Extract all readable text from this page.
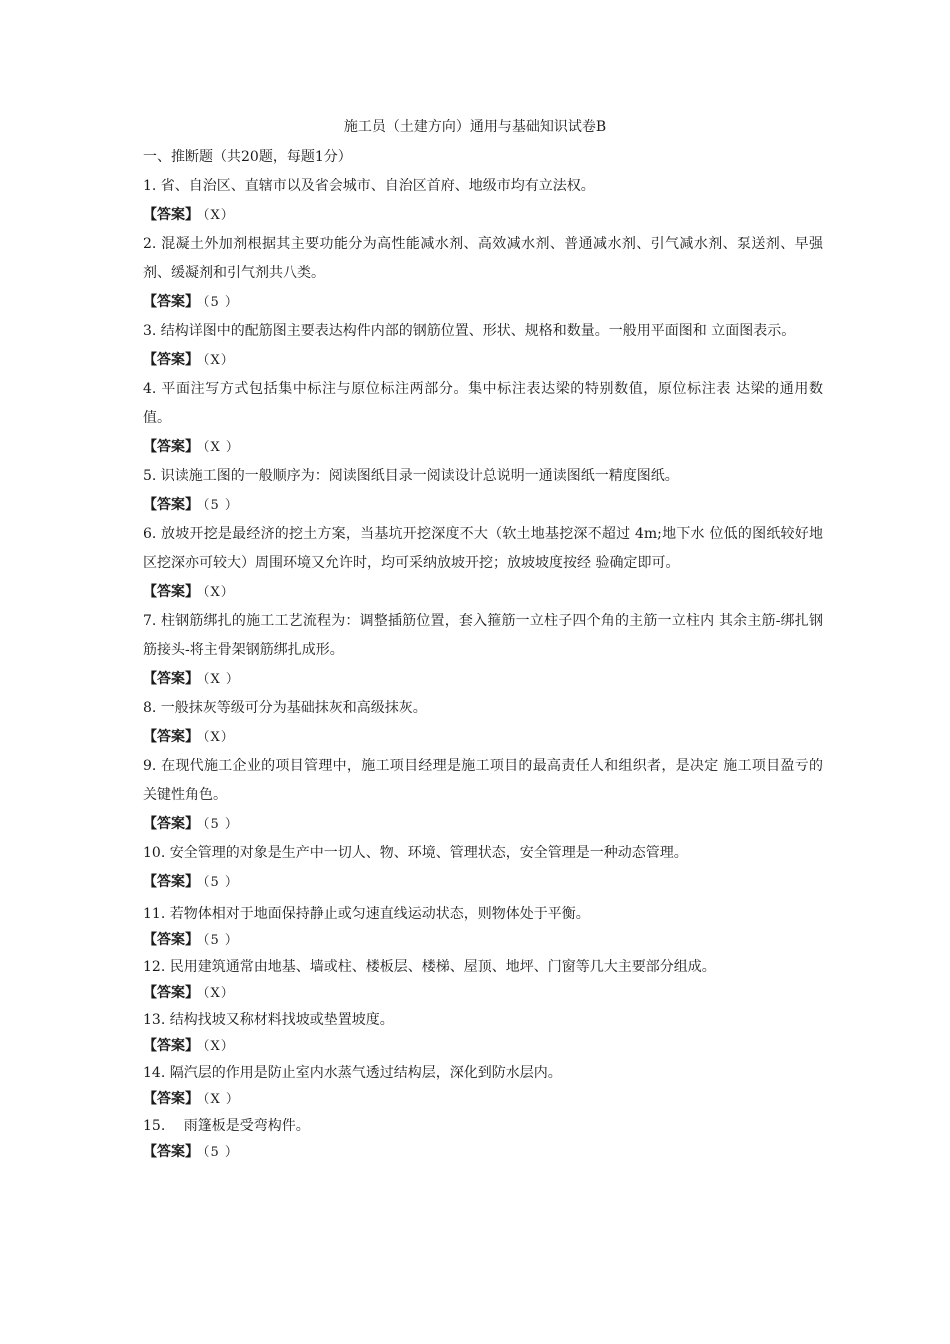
施工员（土建方向）通用与基础知识试卷B
一、推断题（共20题，每题1分）

1. 省、自治区、直辖市以及省会城市、自治区首府、地级市均有立法权。

【答案】 （X）

2. 混凝土外加剂根据其主要功能分为高性能减水剂、高效减水剂、普通减水剂、引气减水剂、泵送剂、早强剂、缓凝剂和引气剂共八类。

【答案】 （5 ）

3. 结构详图中的配筋图主要表达构件内部的钢筋位置、形状、规格和数量。一般用平面图和 立面图表示。

【答案】 （X）

4. 平面注写方式包括集中标注与原位标注两部分。集中标注表达梁的特别数值，原位标注表 达梁的通用数值。

【答案】 （X ）

5. 识读施工图的一般顺序为：阅读图纸目录一阅读设计总说明一通读图纸一精度图纸。

【答案】 （5 ）

6. 放坡开挖是最经济的挖土方案，当基坑开挖深度不大（软土地基挖深不超过 4m;地下水 位低的图纸较好地区挖深亦可较大）周围环境又允许时，均可采纳放坡开挖；放坡坡度按经 验确定即可。

【答案】 （X）

7. 柱钢筋绑扎的施工工艺流程为：调整插筋位置，套入箍筋一立柱子四个角的主筋一立柱内 其余主筋-绑扎钢筋接头-将主骨架钢筋绑扎成形。

【答案】 （X ）

8. 一般抹灰等级可分为基础抹灰和高级抹灰。

【答案】 （X）

9. 在现代施工企业的项目管理中，施工项目经理是施工项目的最高责任人和组织者，是决定 施工项目盈亏的关键性角色。

【答案】 （5 ）

10. 安全管理的对象是生产中一切人、物、环境、管理状态，安全管理是一种动态管理。

【答案】 （5 ）

11. 若物体相对于地面保持静止或匀速直线运动状态，则物体处于平衡。

【答案】 （5 ）

12. 民用建筑通常由地基、墙或柱、楼板层、楼梯、屋顶、地坪、门窗等几大主要部分组成。

【答案】 （X）

13. 结构找坡又称材料找坡或垫置坡度。

【答案】 （X）

14. 隔汽层的作用是防止室内水蒸气透过结构层，深化到防水层内。

【答案】 （X ）

15.　 雨篷板是受弯构件。

【答案】 （5 ）
